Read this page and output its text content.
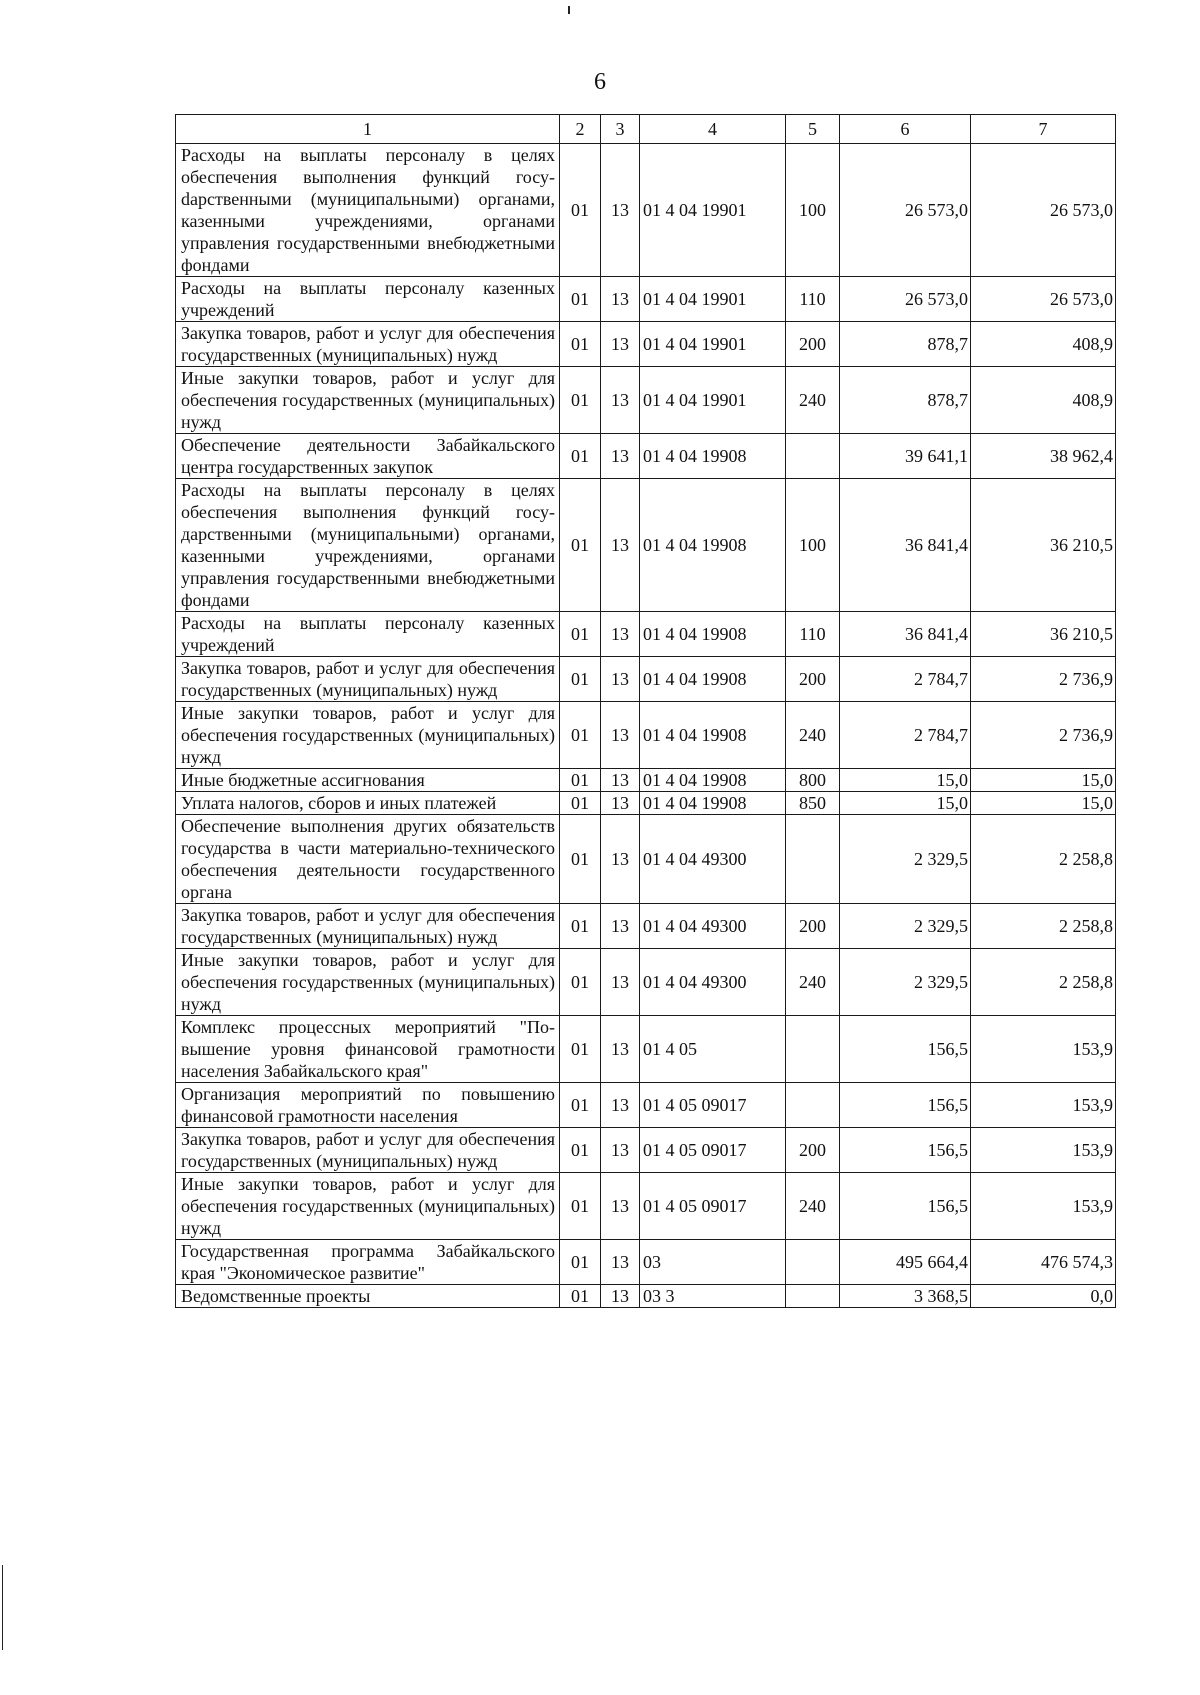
6
1	2	3	4	5	6	7
Расходы на выплаты персоналу в целях обеспечения выполнения функций госуdарственными (муниципальными) органами, казенными учреждениями, органами управления государственными внебюджетными фондами	01	13	01 4 04 19901	100	26 573,0	26 573,0
Расходы на выплаты персоналу казенных учреждений	01	13	01 4 04 19901	110	26 573,0	26 573,0
Закупка товаров, работ и услуг для обеспечения государственных (муниципальных) нужд	01	13	01 4 04 19901	200	878,7	408,9
Иные закупки товаров, работ и услуг для обеспечения государственных (муниципальных) нужд	01	13	01 4 04 19901	240	878,7	408,9
Обеспечение деятельности Забайкальского центра государственных закупок	01	13	01 4 04 19908		39 641,1	38 962,4
Расходы на выплаты персоналу в целях обеспечения выполнения функций государственными (муниципальными) органами, казенными учреждениями, органами управления государственными внебюджетными фондами	01	13	01 4 04 19908	100	36 841,4	36 210,5
Расходы на выплаты персоналу казенных учреждений	01	13	01 4 04 19908	110	36 841,4	36 210,5
Закупка товаров, работ и услуг для обеспечения государственных (муниципальных) нужд	01	13	01 4 04 19908	200	2 784,7	2 736,9
Иные закупки товаров, работ и услуг для обеспечения государственных (муниципальных) нужд	01	13	01 4 04 19908	240	2 784,7	2 736,9
Иные бюджетные ассигнования	01	13	01 4 04 19908	800	15,0	15,0
Уплата налогов, сборов и иных платежей	01	13	01 4 04 19908	850	15,0	15,0
Обеспечение выполнения других обязательств государства в части материально-технического обеспечения деятельности государственного органа	01	13	01 4 04 49300		2 329,5	2 258,8
Закупка товаров, работ и услуг для обеспечения государственных (муниципальных) нужд	01	13	01 4 04 49300	200	2 329,5	2 258,8
Иные закупки товаров, работ и услуг для обеспечения государственных (муниципальных) нужд	01	13	01 4 04 49300	240	2 329,5	2 258,8
Комплекс процессных мероприятий "Повышение уровня финансовой грамотности населения Забайкальского края"	01	13	01 4 05		156,5	153,9
Организация мероприятий по повышению финансовой грамотности населения	01	13	01 4 05 09017		156,5	153,9
Закупка товаров, работ и услуг для обеспечения государственных (муниципальных) нужд	01	13	01 4 05 09017	200	156,5	153,9
Иные закупки товаров, работ и услуг для обеспечения государственных (муниципальных) нужд	01	13	01 4 05 09017	240	156,5	153,9
Государственная программа Забайкальского края "Экономическое развитие"	01	13	03		495 664,4	476 574,3
Ведомственные проекты	01	13	03 3		3 368,5	0,0
